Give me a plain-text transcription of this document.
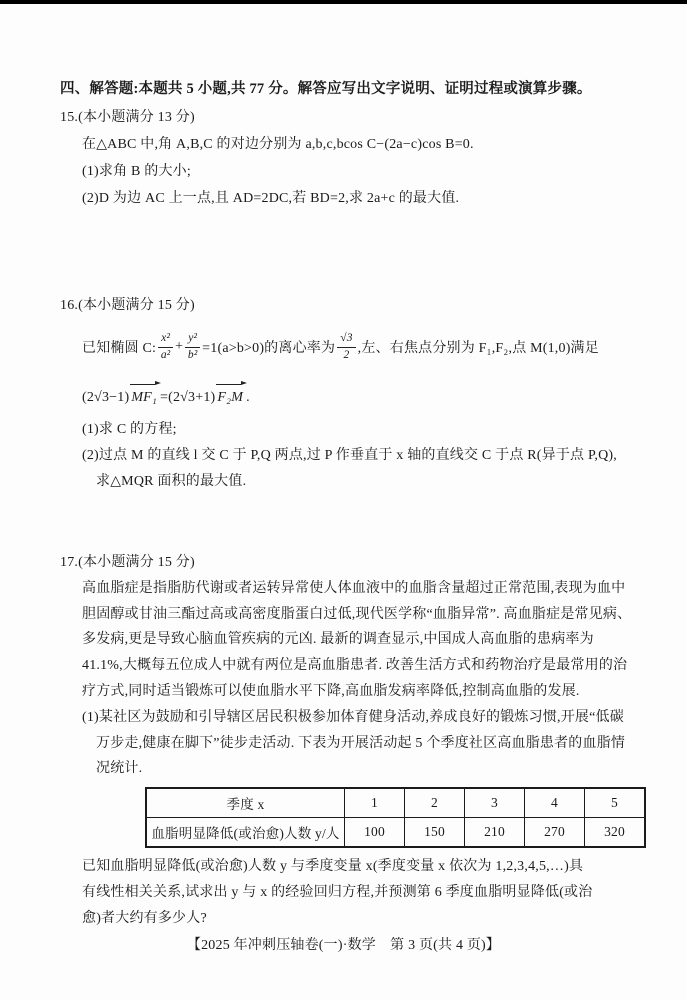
四、解答题:本题共 5 小题,共 77 分。解答应写出文字说明、证明过程或演算步骤。
15.(本小题满分 13 分)
在△ABC 中,角 A,B,C 的对边分别为 a,b,c,bcos C−(2a−c)cos B=0.
(1)求角 B 的大小;
(2)D 为边 AC 上一点,且 AD=2DC,若 BD=2,求 2a+c 的最大值.
16.(本小题满分 15 分)
已知椭圆 C: $\frac{\text{x²}}{\text{a²}} + \frac{\text{y²}}{\text{b²}} =1(a>b>0)$的离心率为 $\frac{√3}{2}$ ,左、右焦点分别为 F₁,F₂,点 M(1,0)满足
(2√3−1) MF₁ =(2√3+1) F₂M .
(1)求 C 的方程;
(2)过点 M 的直线 l 交 C 于 P,Q 两点,过 P 作垂直于 x 轴的直线交 C 于点 R(异于点 P,Q),
求△MQR 面积的最大值.
17.(本小题满分 15 分)
高血脂症是指脂肪代谢或者运转异常使人体血液中的血脂含量超过正常范围,表现为血中
胆固醇或甘油三酯过高或高密度脂蛋白过低,现代医学称“血脂异常”. 高血脂症是常见病、
多发病,更是导致心脑血管疾病的元凶. 最新的调查显示,中国成人高血脂的患病率为
41.1%,大概每五位成人中就有两位是高血脂患者. 改善生活方式和药物治疗是最常用的治
疗方式,同时适当锻炼可以使血脂水平下降,高血脂发病率降低,控制高血脂的发展.
(1)某社区为鼓励和引导辖区居民积极参加体育健身活动,养成良好的锻炼习惯,开展“低碳
万步走,健康在脚下”徒步走活动. 下表为开展活动起 5 个季度社区高血脂患者的血脂情
况统计.
季度 x	1	2	3	4	5
血脂明显降低(或治愈)人数 y/人	100	150	210	270	320
已知血脂明显降低(或治愈)人数 y 与季度变量 x(季度变量 x 依次为 1,2,3,4,5,…)具
有线性相关关系,试求出 y 与 x 的经验回归方程,并预测第 6 季度血脂明显降低(或治
愈)者大约有多少人?
【2025 年冲刺压轴卷(一)·数学　第 3 页(共 4 页)】
